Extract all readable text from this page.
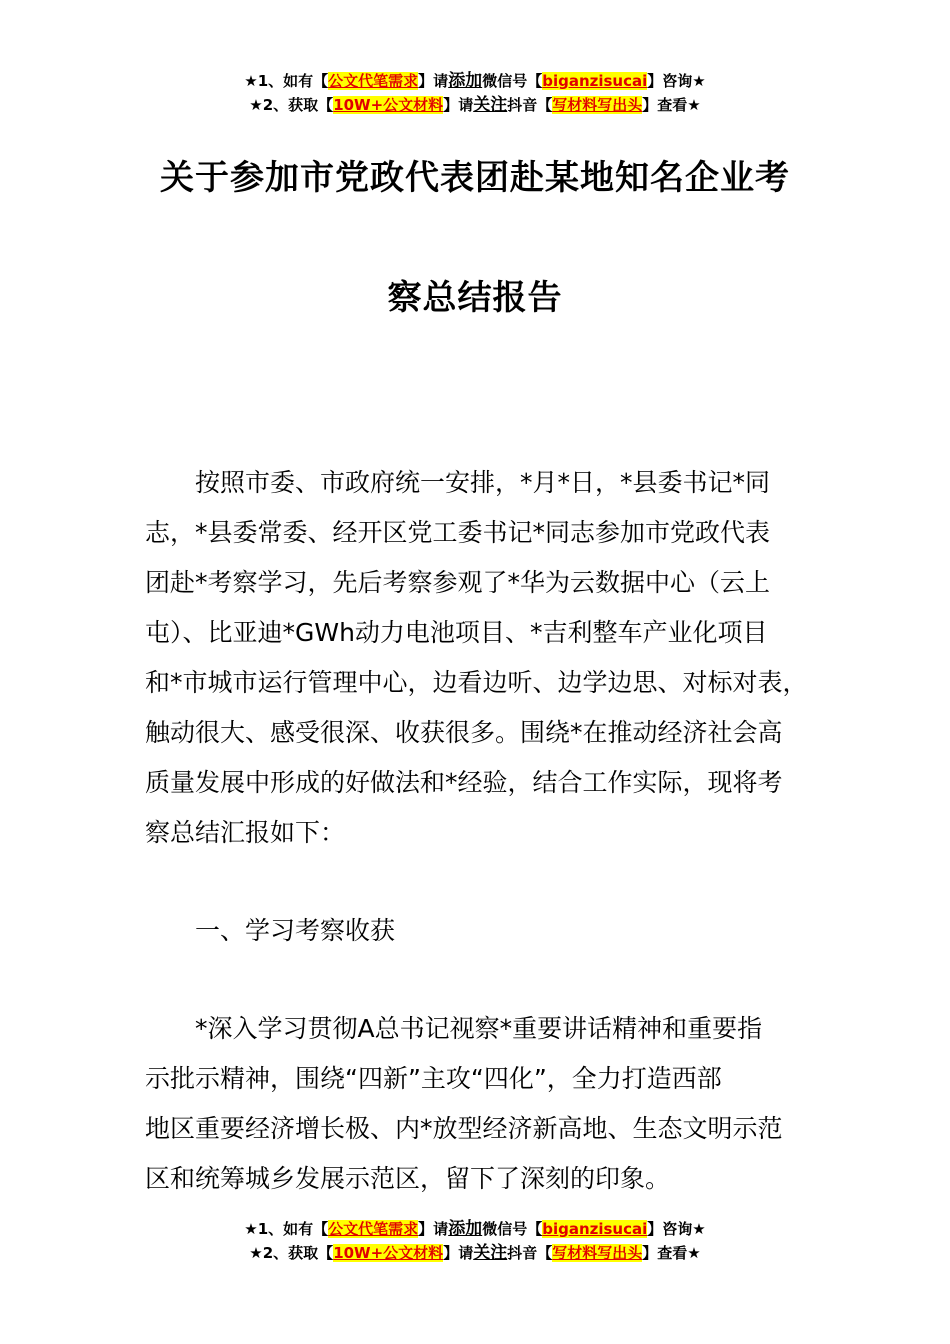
★1、如有【公文代笔需求】请添加微信号【biganzisucai】咨询★
★2、获取【10W+公文材料】请关注抖音【写材料写出头】查看★
关于参加市党政代表团赴某地知名企业考
察总结报告
　　按照市委、市政府统一安排，*月*日，*县委书记*同
志，*县委常委、经开区党工委书记*同志参加市党政代表
团赴*考察学习，先后考察参观了*华为云数据中心（云上
屯）、比亚迪*GWh动力电池项目、*吉利整车产业化项目
和*市城市运行管理中心，边看边听、边学边思、对标对表，
触动很大、感受很深、收获很多。围绕*在推动经济社会高
质量发展中形成的好做法和*经验，结合工作实际，现将考
察总结汇报如下：
一、学习考察收获
　　*深入学习贯彻A总书记视察*重要讲话精神和重要指
示批示精神，围绕“四新”主攻“四化”，全力打造西部
地区重要经济增长极、内*放型经济新高地、生态文明示范
区和统筹城乡发展示范区，留下了深刻的印象。
★1、如有【公文代笔需求】请添加微信号【biganzisucai】咨询★
★2、获取【10W+公文材料】请关注抖音【写材料写出头】查看★
